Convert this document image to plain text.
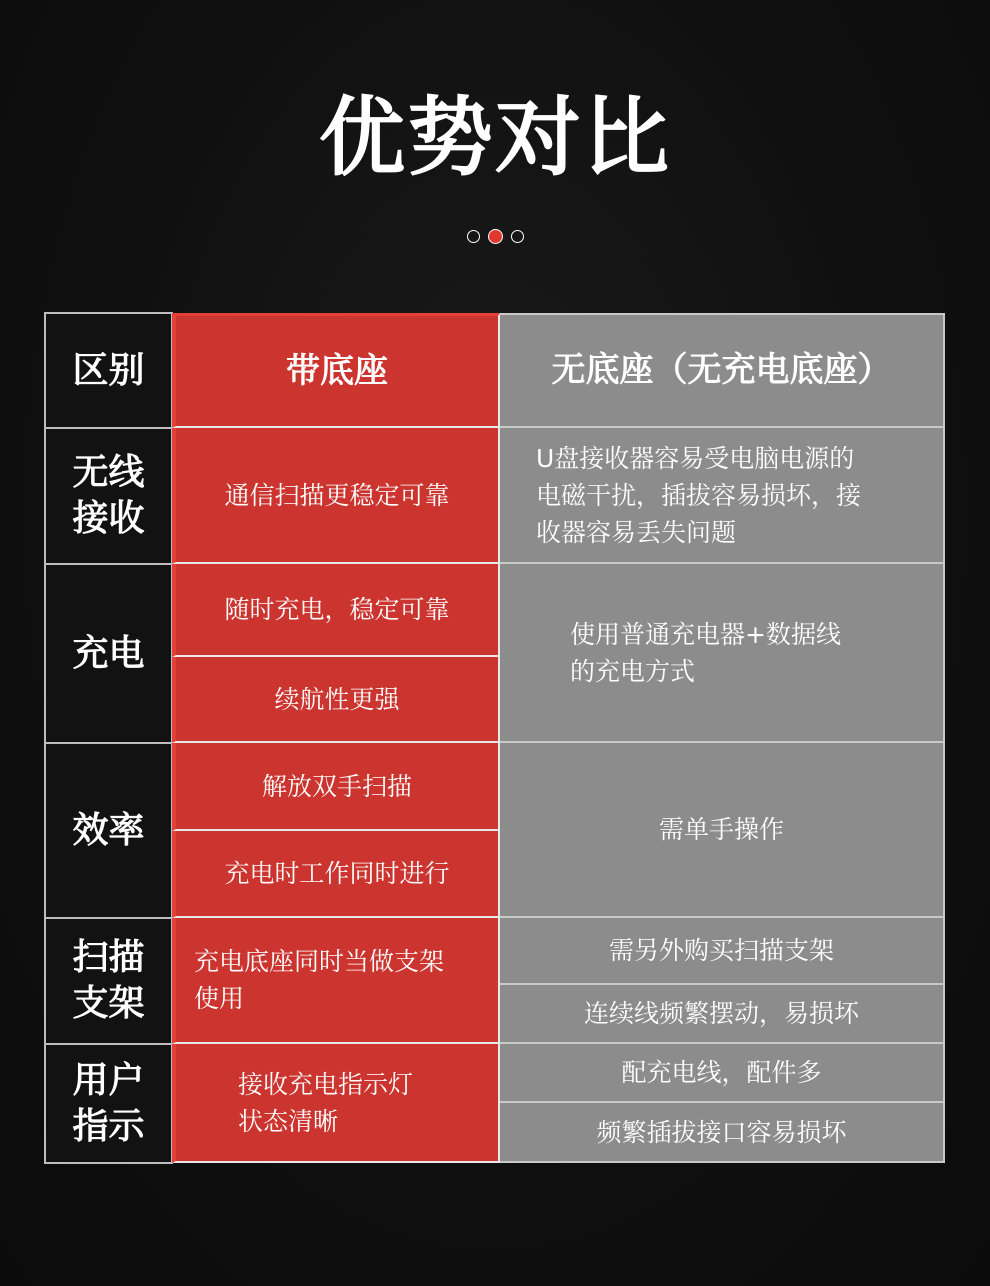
优势对比

区别	带底座	无底座（无充电底座）
无线
接收
通信扫描更稳定可靠
U盘接收器容易受电脑电源的
电磁干扰，插拔容易损坏，接
收器容易丢失问题
充电
随时充电，稳定可靠
续航性更强
使用普通充电器+数据线
的充电方式
效率
解放双手扫描
充电时工作同时进行
需单手操作
扫描
支架
充电底座同时当做支架
使用
需另外购买扫描支架
连续线频繁摆动，易损坏
用户
指示
接收充电指示灯
状态清晰
配充电线，配件多
频繁插拔接口容易损坏
